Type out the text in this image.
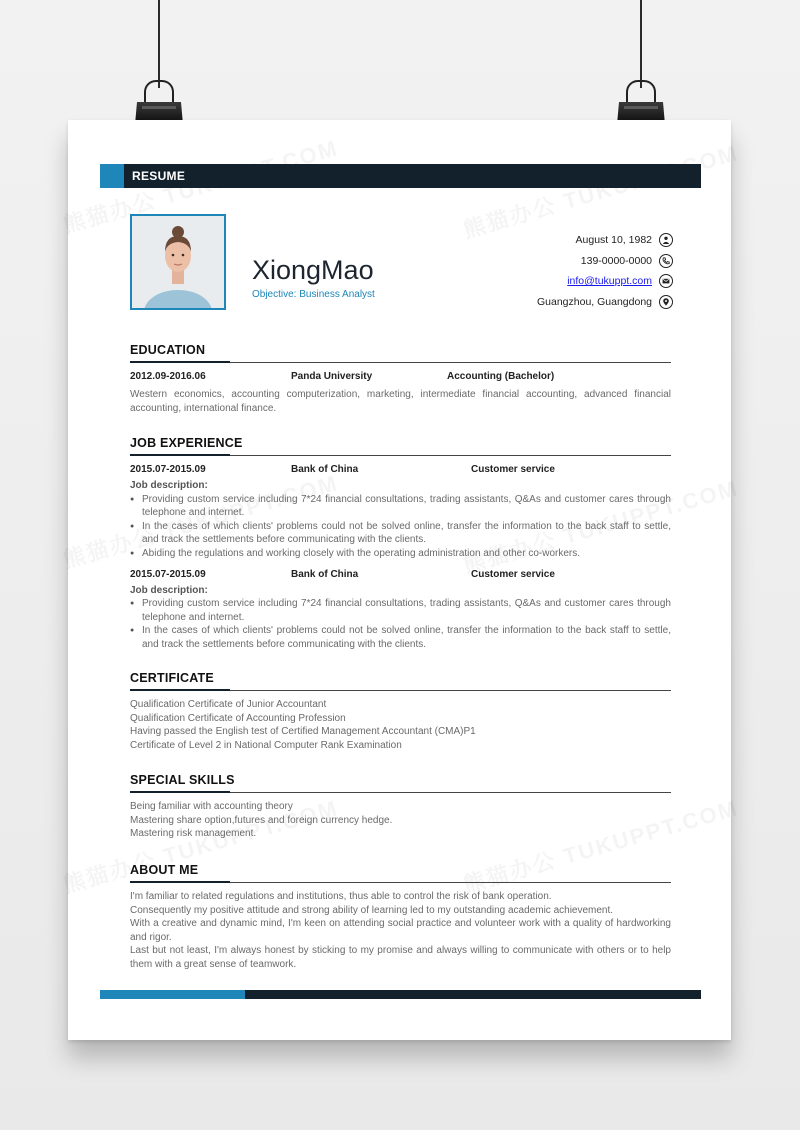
RESUME
XiongMao
Objective: Business Analyst
August 10, 1982
139-0000-0000
info@tukuppt.com
Guangzhou, Guangdong
EDUCATION
2012.09-2016.06	Panda University	Accounting (Bachelor)
Western economics, accounting computerization, marketing, intermediate financial accounting, advanced financial accounting, international finance.
JOB EXPERIENCE
2015.07-2015.09	Bank of China	Customer service
Job description:
● Providing custom service including 7*24 financial consultations, trading assistants, Q&As and customer cares through telephone and internet.
● In the cases of which clients' problems could not be solved online, transfer the information to the back staff to settle, and track the settlements before communicating with the clients.
● Abiding the regulations and working closely with the operating administration and other co-workers.
2015.07-2015.09	Bank of China	Customer service
Job description:
● Providing custom service including 7*24 financial consultations, trading assistants, Q&As and customer cares through telephone and internet.
● In the cases of which clients' problems could not be solved online, transfer the information to the back staff to settle, and track the settlements before communicating with the clients.
CERTIFICATE
Qualification Certificate of Junior Accountant
Qualification Certificate of Accounting Profession
Having passed the English test of Certified Management Accountant (CMA)P1
Certificate of Level 2 in National Computer Rank Examination
SPECIAL SKILLS
Being familiar with accounting theory
Mastering share option,futures and foreign currency hedge.
Mastering risk management.
ABOUT ME
I'm familiar to related regulations and institutions, thus able to control the risk of bank operation.
Consequently my positive attitude and strong ability of learning led to my outstanding academic achievement.
With a creative and dynamic mind, I'm keen on attending social practice and volunteer work with a quality of hardworking and rigor.
Last but not least, I'm always honest by sticking to my promise and always willing to communicate with others or to help them with a great sense of teamwork.
